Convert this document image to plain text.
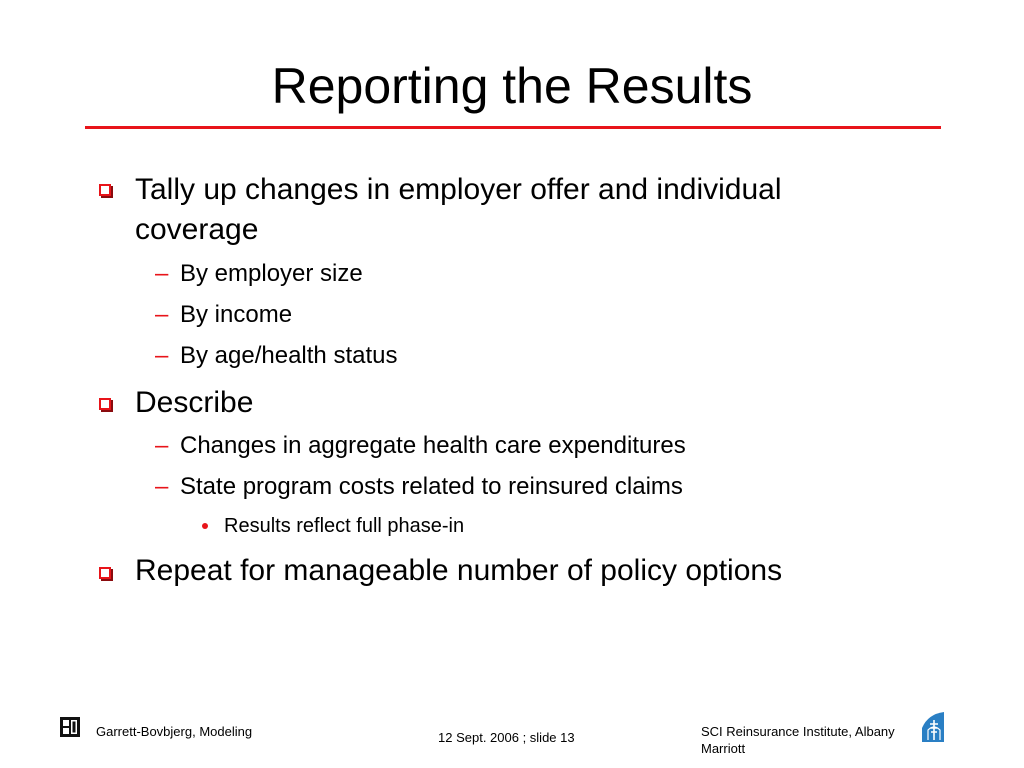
Reporting the Results
Tally up changes in employer offer and individual
coverage
– By employer size
– By income
– By age/health status
Describe
– Changes in aggregate health care expenditures
– State program costs related to reinsured claims
Results reflect full phase-in
Repeat for manageable number of policy options
Garrett-Bovbjerg, Modeling	12 Sept. 2006 ; slide 13	SCI Reinsurance Institute, Albany
Marriott
